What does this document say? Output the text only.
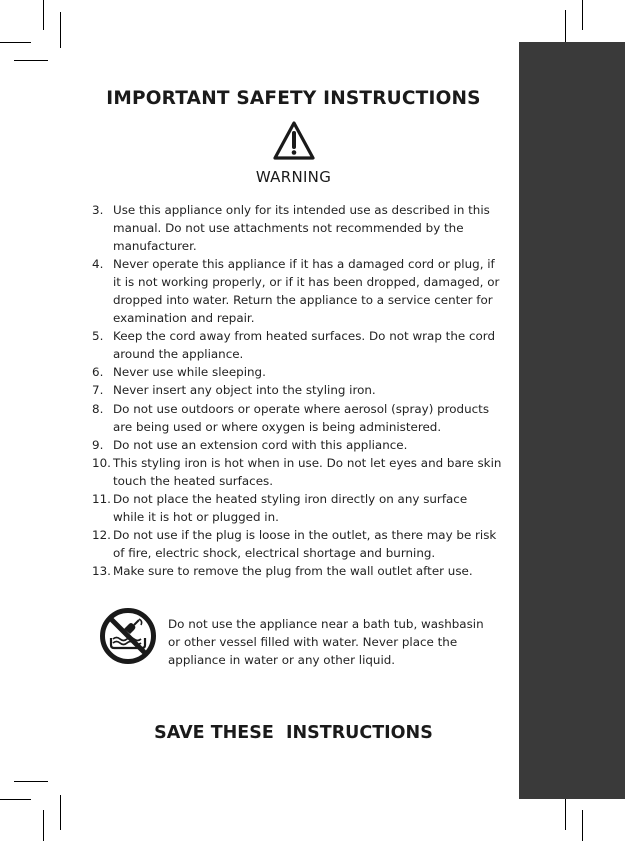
IMPORTANT SAFETY INSTRUCTIONS
WARNING
3. Use this appliance only for its intended use as described in this manual. Do not use attachments not recommended by the manufacturer.
4. Never operate this appliance if it has a damaged cord or plug, if it is not working properly, or if it has been dropped, damaged, or dropped into water. Return the appliance to a service center for examination and repair.
5. Keep the cord away from heated surfaces. Do not wrap the cord around the appliance.
6. Never use while sleeping.
7. Never insert any object into the styling iron.
8. Do not use outdoors or operate where aerosol (spray) products are being used or where oxygen is being administered.
9. Do not use an extension cord with this appliance.
10. This styling iron is hot when in use. Do not let eyes and bare skin touch the heated surfaces.
11. Do not place the heated styling iron directly on any surface while it is hot or plugged in.
12. Do not use if the plug is loose in the outlet, as there may be risk of fire, electric shock, electrical shortage and burning.
13. Make sure to remove the plug from the wall outlet after use.
Do not use the appliance near a bath tub, washbasin or other vessel filled with water. Never place the appliance in water or any other liquid.
SAVE THESE  INSTRUCTIONS
